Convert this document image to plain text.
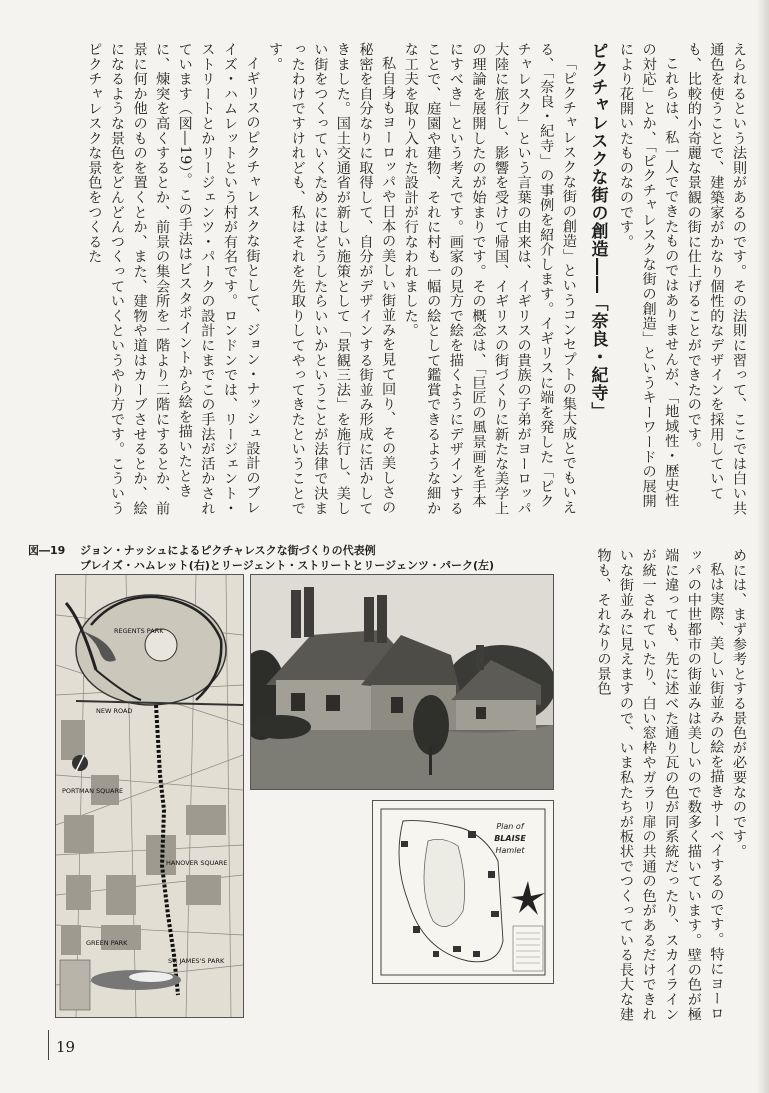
えられるという法則があるのです。その法則に習って、ここでは白い共通色を使うことで、建築家がかなり個性的なデザインを採用していても、比較的小奇麗な景観の街に仕上げることができたのです。

これらは、私一人でできたものではありませんが、「地域性・歴史性の対応」とか、「ピクチャレスクな街の創造」というキーワードの展開により花開いたものなのです。

ピクチャレスクな街の創造――「奈良・紀寺」

「ピクチャレスクな街の創造」というコンセプトの集大成とでもいえる、「奈良・紀寺」の事例を紹介します。イギリスに端を発した「ピクチャレスク」という言葉の由来は、イギリスの貴族の子弟がヨーロッパ大陸に旅行し、影響を受けて帰国、イギリスの街づくりに新たな美学上の理論を展開したのが始まりです。その概念は、「巨匠の風景画を手本にすべき」という考えです。画家の見方で絵を描くようにデザインすることで、庭園や建物、それに村も一幅の絵として鑑賞できるような細かな工夫を取り入れた設計が行なわれました。

私自身もヨーロッパや日本の美しい街並みを見て回り、その美しさの秘密を自分なりに取得して、自分がデザインする街並み形成に活かしてきました。国土交通省が新しい施策として「景観三法」を施行し、美しい街をつくっていくためにはどうしたらいいかということが法律で決まったわけですけれども、私はそれを先取りしてやってきたということです。

イギリスのピクチャレスクな街として、ジョン・ナッシュ設計のブレイズ・ハムレットという村が有名です。ロンドンでは、リージェント・ストリートとかリージェンツ・パークの設計にまでこの手法が活かされています（図―19）。この手法はビスタポイントから絵を描いたときに、煉突を高くするとか、前景の集会所を一階より二階にするとか、前景に何か他のものを置くとか、また、建物や道はカーブさせるとか、絵になるような景色をどんどんつくっていくというやり方です。こういうピクチャレスクな景色をつくるた

図―19 ジョン・ナッシュによるピクチャレスクな街づくりの代表例
ブレイズ・ハムレット(右)とリージェント・ストリートとリージェンツ・パーク(左)	めには、まず参考とする景色が必要なのです。

私は実際、美しい街並みの絵を描きサーベイするのです。特にヨーロッパの中世都市の街並みは美しいので数多く描いています。壁の色が極端に違っても、先に述べた通り瓦の色が同系統だったり、スカイラインが統一されていたり、白い窓枠やガラリ扉の共通の色があるだけできれいな街並みに見えますので、いま私たちが板状でつくっている長大な建物も、それなりの景色

REGENTS PARK
NEW ROAD
PORTMAN SQUARE
HANOVER SQUARE
GREEN PARK
ST. JAMES'S PARK
Plan of
BLAISE
Hamlet
19
